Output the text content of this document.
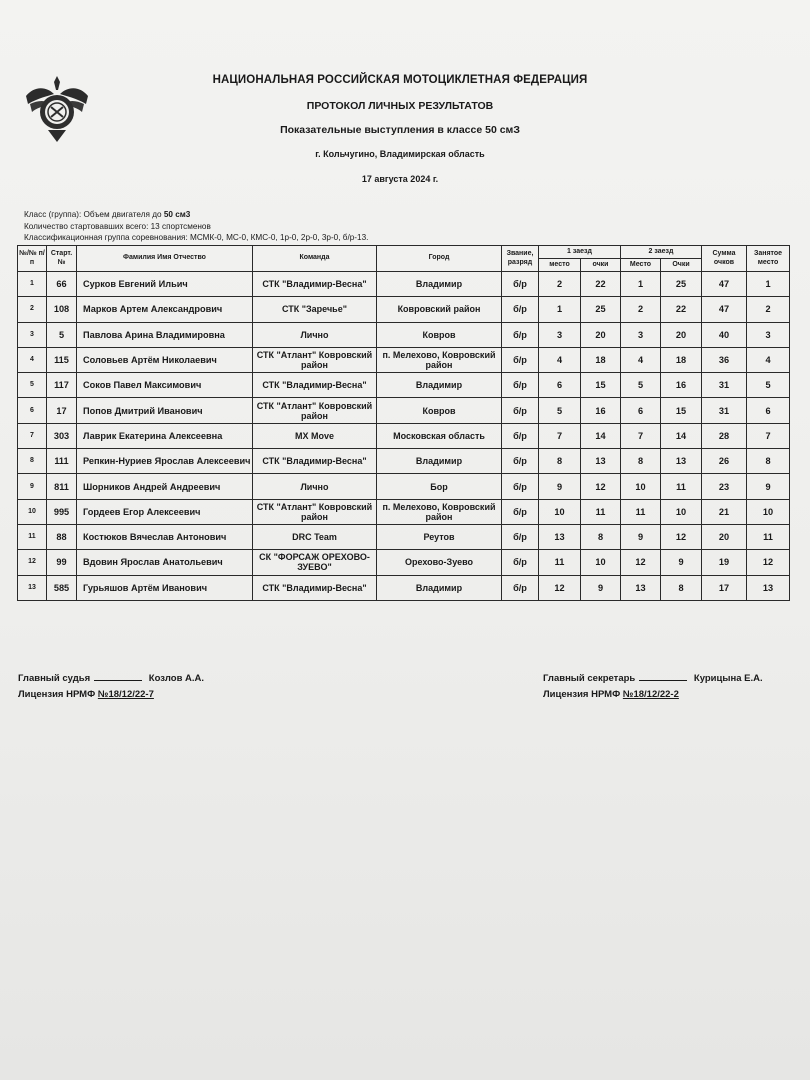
НАЦИОНАЛЬНАЯ РОССИЙСКАЯ МОТОЦИКЛЕТНАЯ ФЕДЕРАЦИЯ
ПРОТОКОЛ ЛИЧНЫХ РЕЗУЛЬТАТОВ
Показательные выступления в классе 50 смЗ
г. Кольчугино, Владимирская область
17 августа 2024 г.
Класс (группа): Объем двигателя до 50 см3
Количество стартовавших всего: 13 спортсменов
Классификационная группа соревнования: МСМК-0, МС-0, КМС-0, 1р-0, 2р-0, 3р-0, б/р-13.
№/№ п/п	Старт. №	Фамилия Имя Отчество	Команда	Город	Звание, разряд	1 заезд		2 заезд		Сумма очков	Занятое место
						место	очки	Место	Очки		
1	66	Сурков Евгений Ильич	СТК "Владимир-Весна"	Владимир	б/р	2	22	1	25	47	1
2	108	Марков Артем Александрович	СТК "Заречье"	Ковровский район	б/р	1	25	2	22	47	2
3	5	Павлова Арина Владимировна	Лично	Ковров	б/р	3	20	3	20	40	3
4	115	Соловьев Артём Николаевич	СТК "Атлант" Ковровский район	п. Мелехово, Ковровский район	б/р	4	18	4	18	36	4
5	117	Соков Павел Максимович	СТК "Владимир-Весна"	Владимир	б/р	6	15	5	16	31	5
6	17	Попов Дмитрий Иванович	СТК "Атлант" Ковровский район	Ковров	б/р	5	16	6	15	31	6
7	303	Лаврик Екатерина Алексеевна	MX Move	Московская область	б/р	7	14	7	14	28	7
8	111	Репкин-Нуриев Ярослав Алексеевич	СТК "Владимир-Весна"	Владимир	б/р	8	13	8	13	26	8
9	811	Шорников Андрей Андреевич	Лично	Бор	б/р	9	12	10	11	23	9
10	995	Гордеев Егор Алексеевич	СТК "Атлант" Ковровский район	п. Мелехово, Ковровский район	б/р	10	11	11	10	21	10
11	88	Костюков Вячеслав Антонович	DRC Team	Реутов	б/р	13	8	9	12	20	11
12	99	Вдовин Ярослав Анатольевич	СК "ФОРСАЖ ОРЕХОВО-ЗУЕВО"	Орехово-Зуево	б/р	11	10	12	9	19	12
13	585	Гурьяшов Артём Иванович	СТК "Владимир-Весна"	Владимир	б/р	12	9	13	8	17	13
Главный судья	Козлов А.А.
Лицензия НРМФ №18/12/22-7
Главный секретарь	Курицына Е.А.
Лицензия НРМФ №18/12/22-2
